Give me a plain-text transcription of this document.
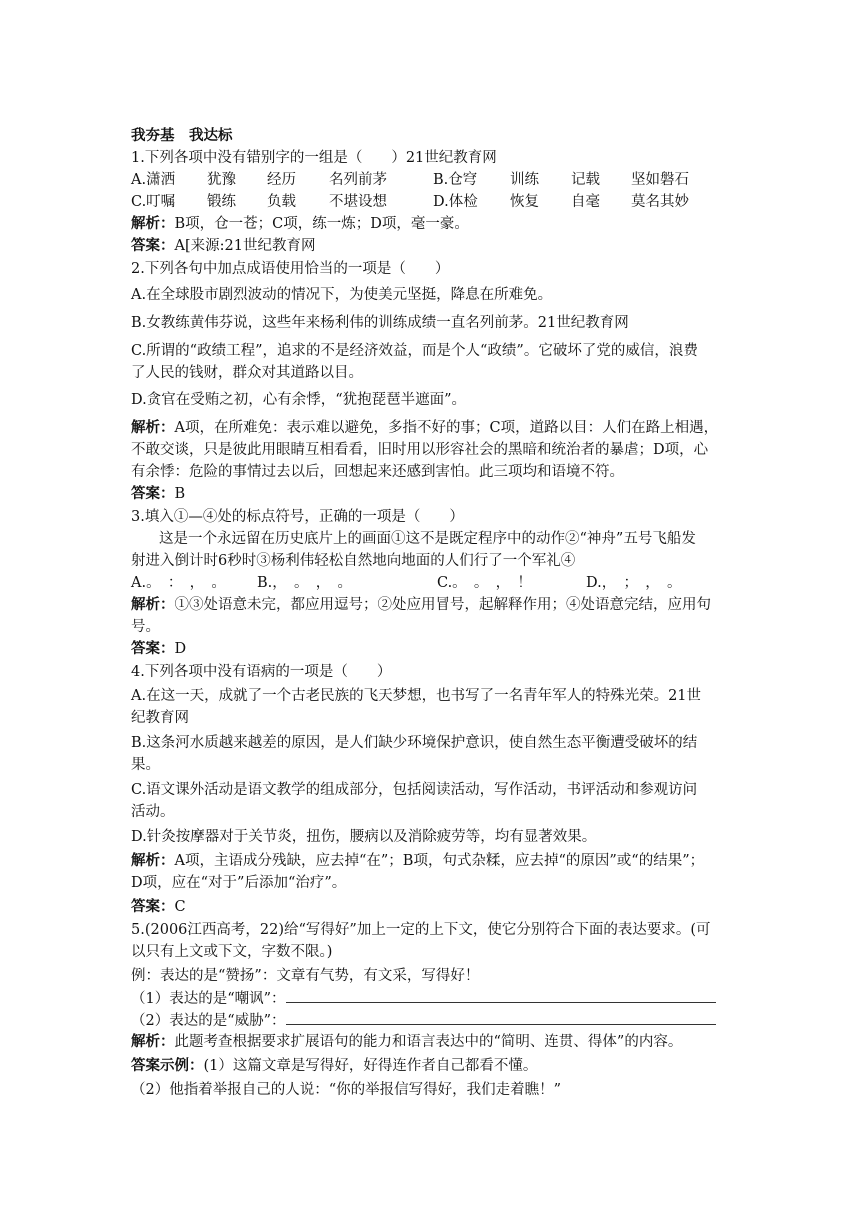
我夯基　我达标
1.下列各项中没有错别字的一组是（　　）21世纪教育网
A.潇洒 犹豫 经历 名列前茅	B.仓穹 训练 记载 坚如磐石
C.叮嘱 锻练 负载 不堪设想	D.体检 恢复 自毫 莫名其妙
解析：B项，仓一苍；C项，练一炼；D项，毫一豪。
答案：A[来源:21世纪教育网
2.下列各句中加点成语使用恰当的一项是（　　）
A.在全球股市剧烈波动的情况下，为使美元坚挺，降息在所难免。
B.女教练黄伟芬说，这些年来杨利伟的训练成绩一直名列前茅。21世纪教育网
C.所谓的“政绩工程”，追求的不是经济效益，而是个人“政绩”。它破坏了党的威信，浪费
了人民的钱财，群众对其道路以目。
D.贪官在受贿之初，心有余悸，“犹抱琵琶半遮面”。
解析：A项，在所难免：表示难以避免，多指不好的事；C项，道路以目：人们在路上相遇，
不敢交谈，只是彼此用眼睛互相看看，旧时用以形容社会的黑暗和统治者的暴虐；D项，心
有余悸：危险的事情过去以后，回想起来还感到害怕。此三项均和语境不符。
答案：B
3.填入①—④处的标点符号，正确的一项是（　　）
这是一个永远留在历史底片上的画面①这不是既定程序中的动作②“神舟”五号飞船发
射进入倒计时6秒时③杨利伟轻松自然地向地面的人们行了一个军礼④
A.。　：　，　。 B.，　。　，　。	C.。　。　，　！	D.，　；　，　。
解析：①③处语意未完，都应用逗号；②处应用冒号，起解释作用；④处语意完结，应用句
号。
答案：D
4.下列各项中没有语病的一项是（　　）
A.在这一天，成就了一个古老民族的飞天梦想，也书写了一名青年军人的特殊光荣。21世
纪教育网
B.这条河水质越来越差的原因，是人们缺少环境保护意识，使自然生态平衡遭受破坏的结
果。
C.语文课外活动是语文教学的组成部分，包括阅读活动，写作活动，书评活动和参观访问
活动。
D.针灸按摩器对于关节炎，扭伤，腰病以及消除疲劳等，均有显著效果。
解析：A项，主语成分残缺，应去掉“在”；B项，句式杂糅，应去掉“的原因”或“的结果”；
D项，应在“对于”后添加“治疗”。
答案：C
5.(2006江西高考，22)给“写得好”加上一定的上下文，使它分别符合下面的表达要求。(可
以只有上文或下文，字数不限。)
例：表达的是“赞扬”：文章有气势，有文采，写得好！
（1）表达的是“嘲讽”：
（2）表达的是“威胁”：
解析：此题考查根据要求扩展语句的能力和语言表达中的“简明、连贯、得体”的内容。
答案示例：(1）这篇文章是写得好，好得连作者自己都看不懂。
（2）他指着举报自己的人说：“你的举报信写得好，我们走着瞧！”
